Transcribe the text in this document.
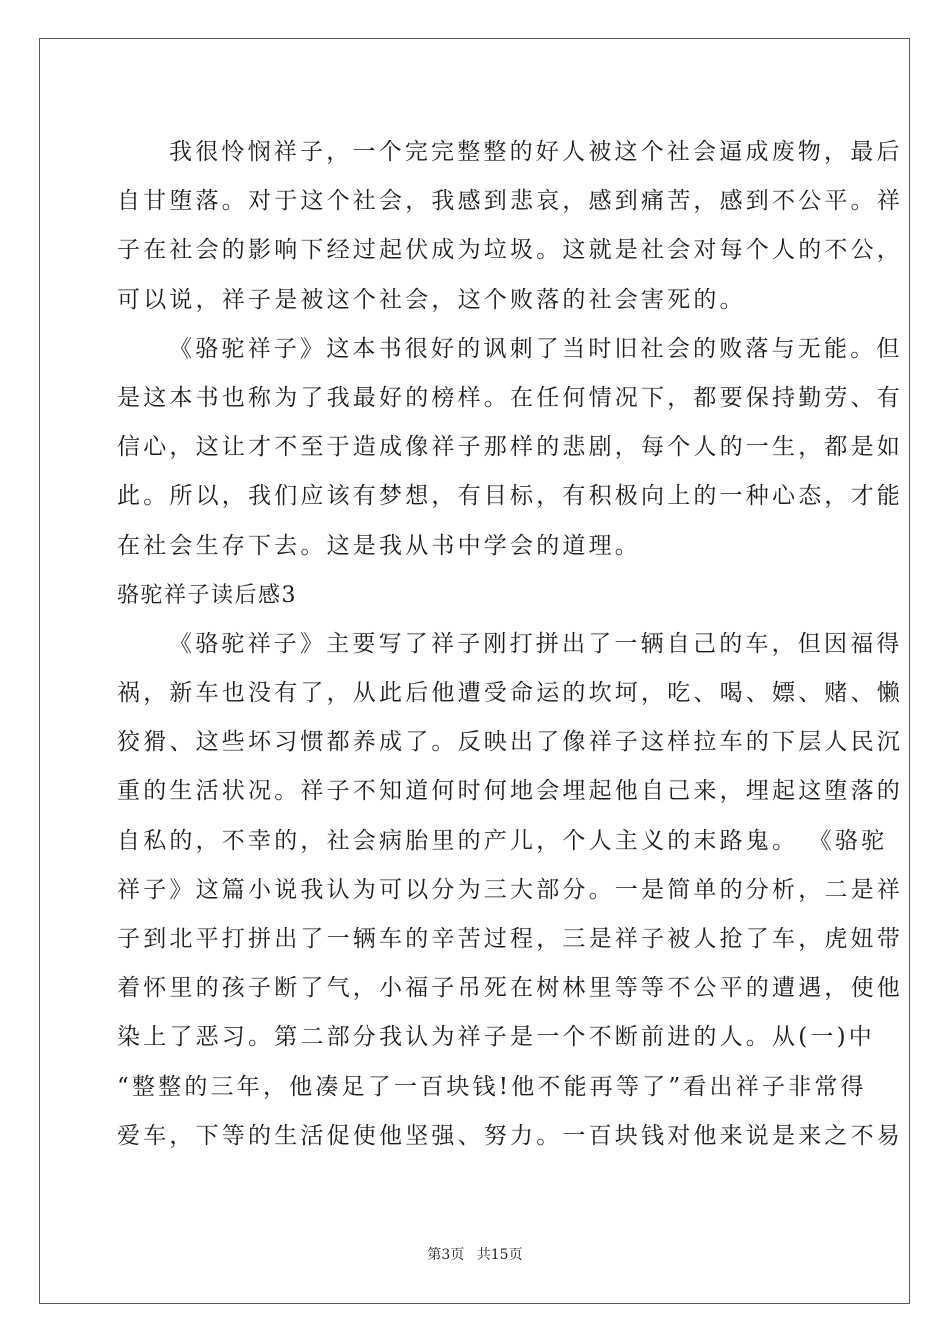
我很怜悯祥子，一个完完整整的好人被这个社会逼成废物，最后
自甘堕落。对于这个社会，我感到悲哀，感到痛苦，感到不公平。祥
子在社会的影响下经过起伏成为垃圾。这就是社会对每个人的不公，
可以说，祥子是被这个社会，这个败落的社会害死的。
《骆驼祥子》这本书很好的讽刺了当时旧社会的败落与无能。但
是这本书也称为了我最好的榜样。在任何情况下，都要保持勤劳、有
信心，这让才不至于造成像祥子那样的悲剧，每个人的一生，都是如
此。所以，我们应该有梦想，有目标，有积极向上的一种心态，才能
在社会生存下去。这是我从书中学会的道理。
骆驼祥子读后感3
《骆驼祥子》主要写了祥子刚打拼出了一辆自己的车，但因福得
祸，新车也没有了，从此后他遭受命运的坎坷，吃、喝、嫖、赌、懒
狡猾、这些坏习惯都养成了。反映出了像祥子这样拉车的下层人民沉
重的生活状况。祥子不知道何时何地会埋起他自己来，埋起这堕落的
自私的，不幸的，社会病胎里的产儿，个人主义的末路鬼。 《骆驼
祥子》这篇小说我认为可以分为三大部分。一是简单的分析，二是祥
子到北平打拼出了一辆车的辛苦过程，三是祥子被人抢了车，虎妞带
着怀里的孩子断了气，小福子吊死在树林里等等不公平的遭遇，使他
染上了恶习。第二部分我认为祥子是一个不断前进的人。从(一)中
“整整的三年，他凑足了一百块钱!他不能再等了”看出祥子非常得
爱车，下等的生活促使他坚强、努力。一百块钱对他来说是来之不易
第3页 共15页
